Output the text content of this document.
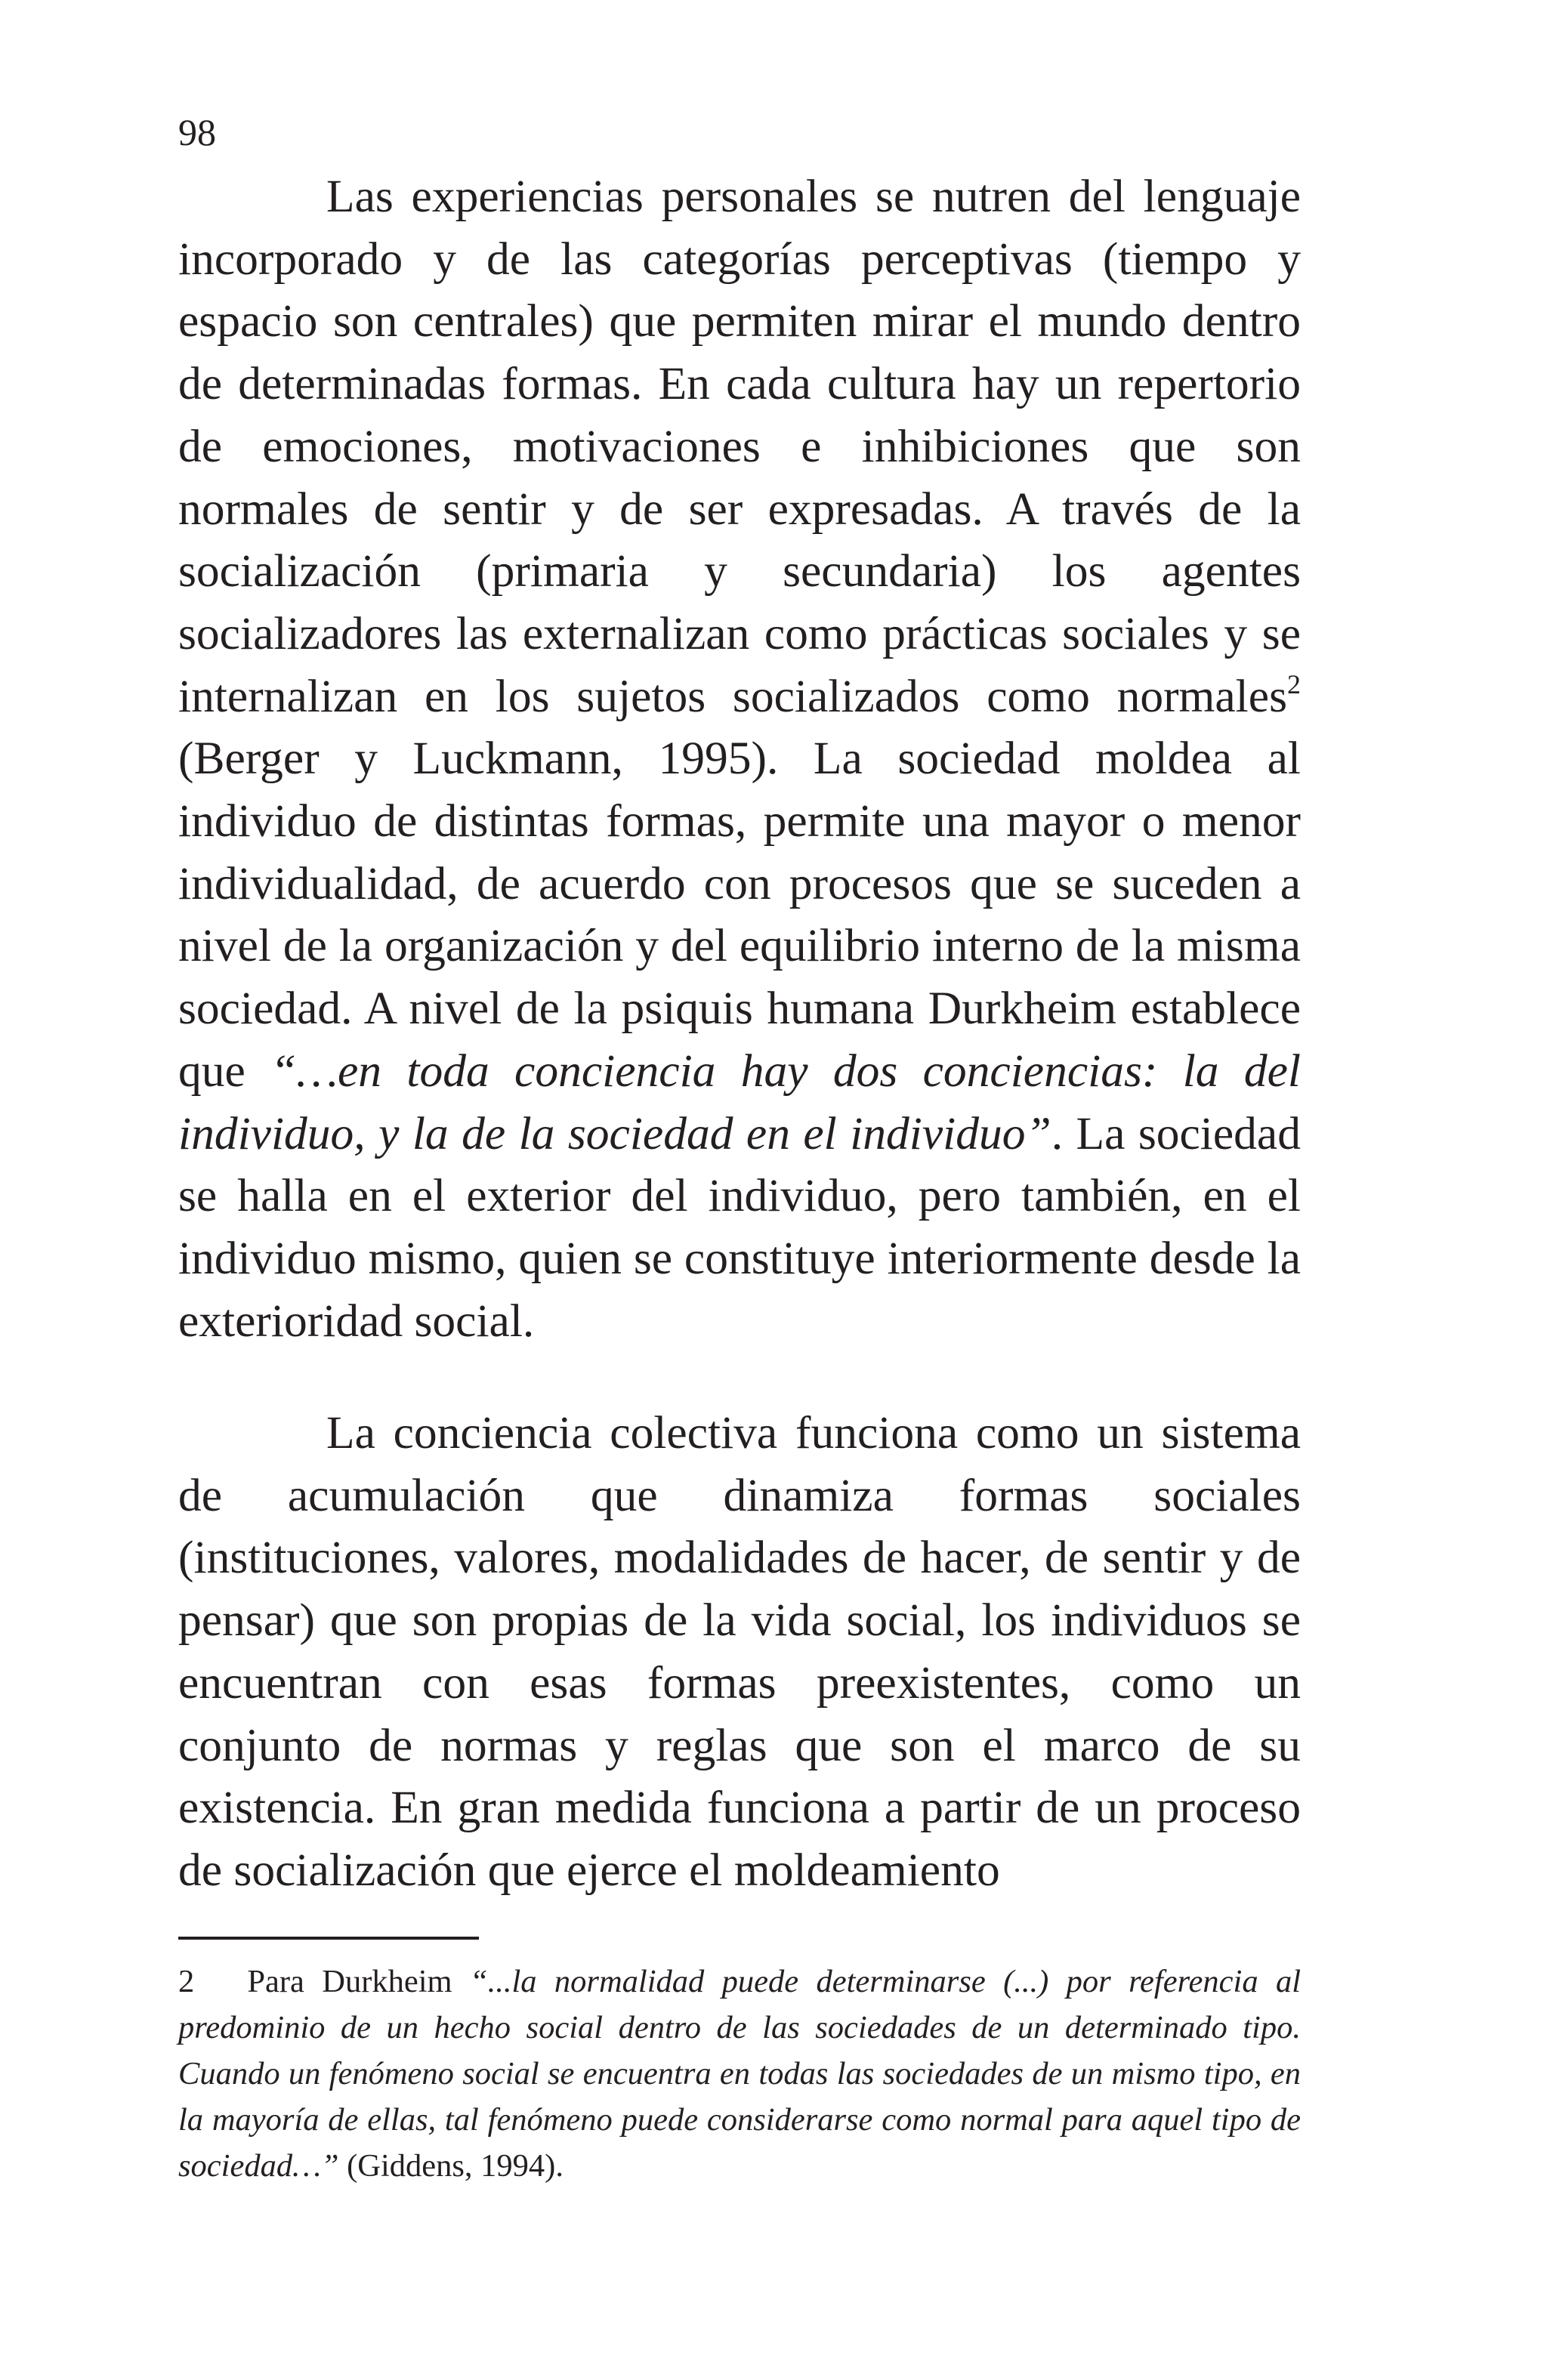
98

Las experiencias personales se nutren del lenguaje incorporado y de las categorías perceptivas (tiempo y espacio son centrales) que permiten mirar el mundo dentro de determinadas formas. En cada cultura hay un repertorio de emociones, motivaciones e inhibiciones que son normales de sentir y de ser expresadas. A través de la socialización (primaria y secundaria) los agentes socializadores las externalizan como prácticas sociales y se internalizan en los sujetos socializados como normales$^2$ (Berger y Luckmann, 1995). La sociedad moldea al individuo de distintas formas, permite una mayor o menor individualidad, de acuerdo con procesos que se suceden a nivel de la organización y del equilibrio interno de la misma sociedad. A nivel de la psiquis humana Durkheim establece que “…en toda conciencia hay dos conciencias: la del individuo, y la de la sociedad en el individuo”. La sociedad se halla en el exterior del individuo, pero también, en el individuo mismo, quien se constituye interiormente desde la exterioridad social.

La conciencia colectiva funciona como un sistema de acumulación que dinamiza formas sociales (instituciones, valores, modalidades de hacer, de sentir y de pensar) que son propias de la vida social, los individuos se encuentran con esas formas preexistentes, como un conjunto de normas y reglas que son el marco de su existencia. En gran medida funciona a partir de un proceso de socialización que ejerce el moldeamiento

2 Para Durkheim “...la normalidad puede determinarse (...) por referencia al predominio de un hecho social dentro de las sociedades de un determinado tipo. Cuando un fenómeno social se encuentra en todas las sociedades de un mismo tipo, en la mayoría de ellas, tal fenómeno puede considerarse como normal para aquel tipo de sociedad…” (Giddens, 1994).
